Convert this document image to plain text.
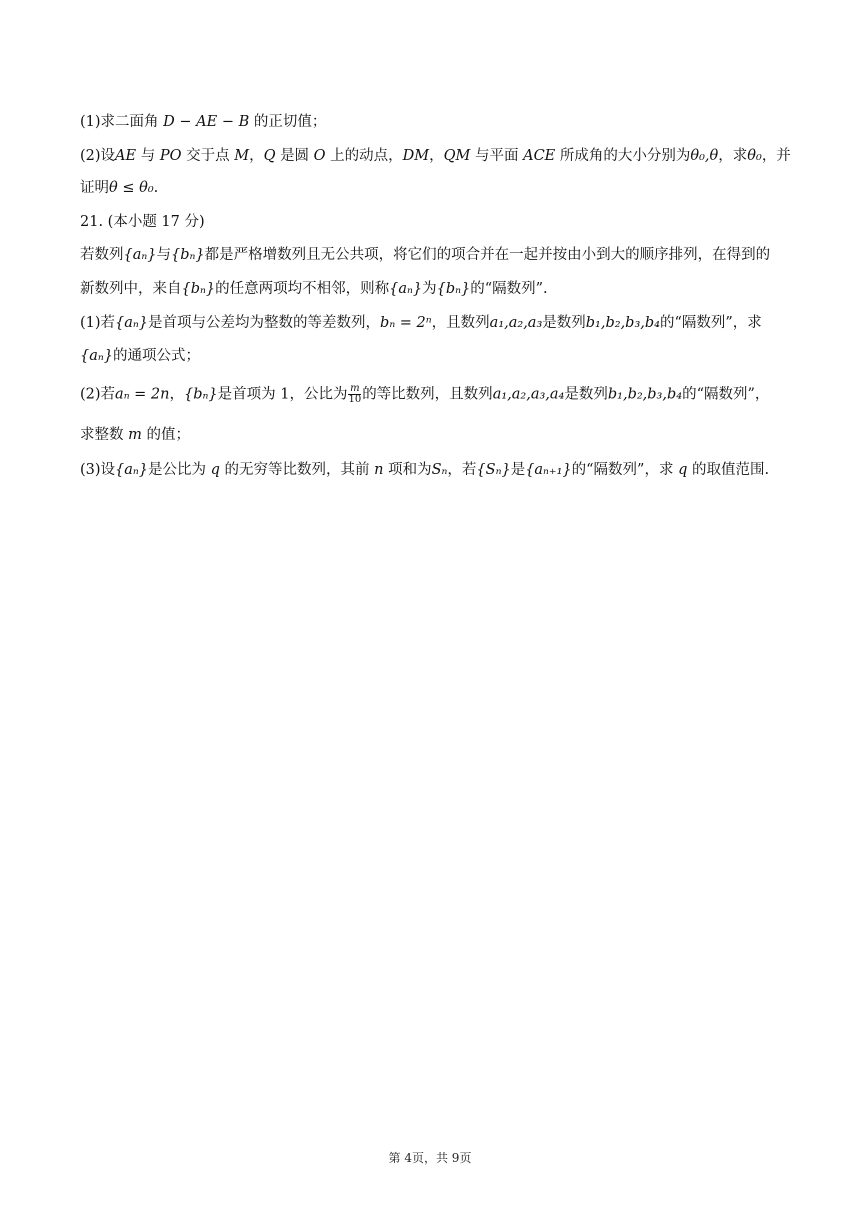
(1)求二面角 D − AE − B 的正切值；
(2)设AE 与 PO 交于点 M，Q 是圆 O 上的动点，DM，QM 与平面 ACE 所成角的大小分别为θ₀,θ，求θ₀，并
证明θ ≤ θ₀.
21. (本小题 17 分)
若数列{aₙ}与{bₙ}都是严格增数列且无公共项，将它们的项合并在一起并按由小到大的顺序排列，在得到的
新数列中，来自{bₙ}的任意两项均不相邻，则称{aₙ}为{bₙ}的“隔数列”.
(1)若{aₙ}是首项与公差均为整数的等差数列，bₙ = 2ⁿ，且数列a₁,a₂,a₃是数列b₁,b₂,b₃,b₄的“隔数列”，求
{aₙ}的通项公式；
(2)若aₙ = 2n，{bₙ}是首项为 1，公比为 $\frac{m}{10}$ 的等比数列，且数列a₁,a₂,a₃,a₄是数列b₁,b₂,b₃,b₄的“隔数列”，
求整数 m 的值；
(3)设{aₙ}是公比为 q 的无穷等比数列，其前 n 项和为Sₙ，若{Sₙ}是{aₙ₊₁}的“隔数列”，求 q 的取值范围.
第 4页，共 9页
